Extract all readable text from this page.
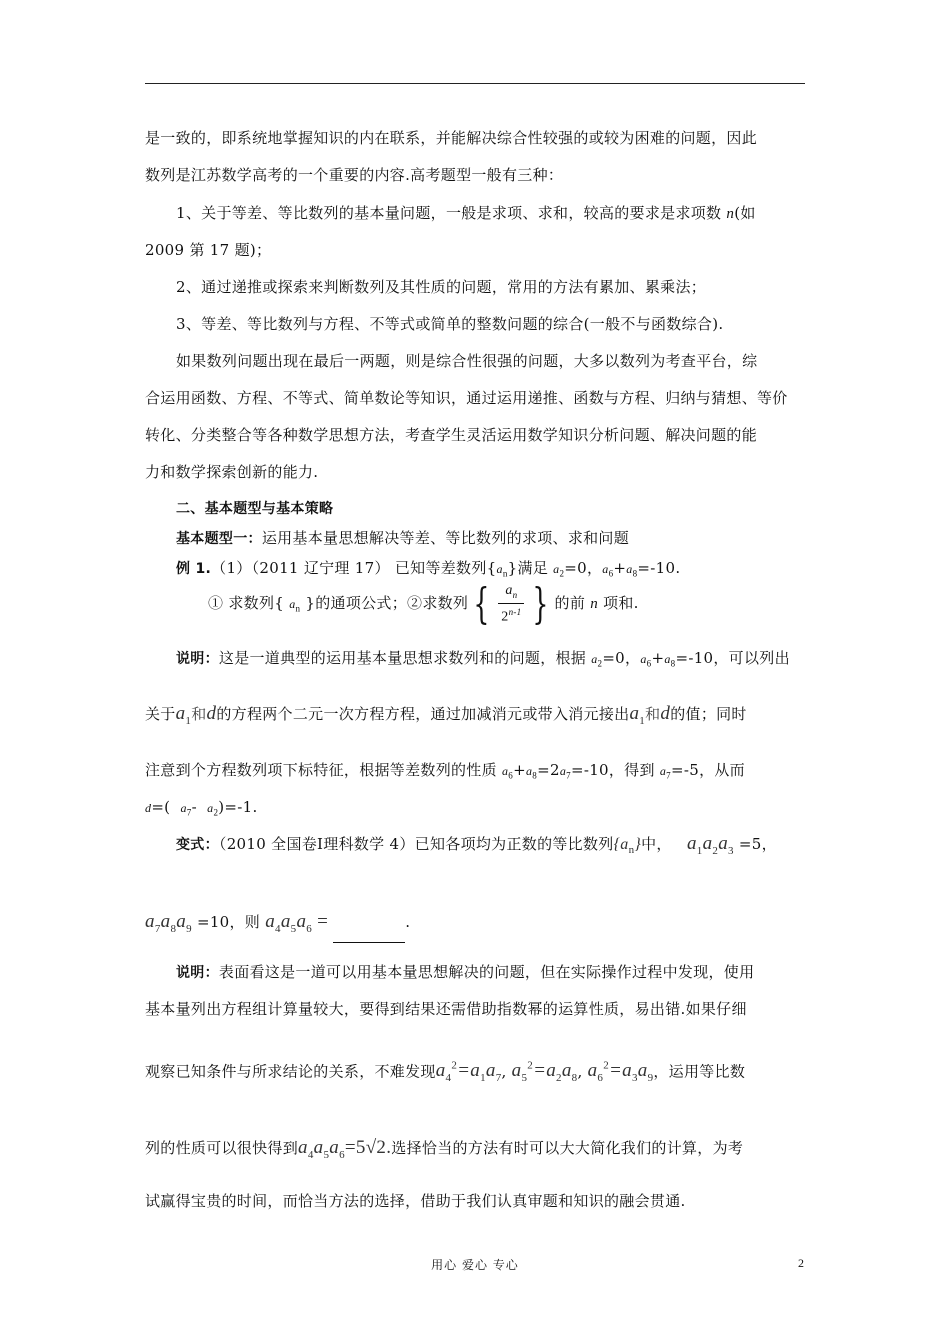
是一致的，即系统地掌握知识的内在联系，并能解决综合性较强的或较为困难的问题，因此
数列是江苏数学高考的一个重要的内容.高考题型一般有三种：
1、关于等差、等比数列的基本量问题，一般是求项、求和，较高的要求是求项数 n(如
2009 第 17 题)；
2、通过递推或探索来判断数列及其性质的问题，常用的方法有累加、累乘法；
3、等差、等比数列与方程、不等式或简单的整数问题的综合(一般不与函数综合).
如果数列问题出现在最后一两题，则是综合性很强的问题，大多以数列为考查平台，综
合运用函数、方程、不等式、简单数论等知识，通过运用递推、函数与方程、归纳与猜想、等价
转化、分类整合等各种数学思想方法，考查学生灵活运用数学知识分析问题、解决问题的能
力和数学探索创新的能力.
二、基本题型与基本策略
基本题型一：运用基本量思想解决等差、等比数列的求项、求和问题
例 1.（1）（2011 辽宁理 17） 已知等差数列$\{a_n\}$满足 $a_2=0$，$a_6+a_8=-10$.
① 求数列{ $a_n$ }的通项公式；②求数列 { $\frac{a_n}{2^{n-1}}$ } 的前 n 项和.
说明：这是一道典型的运用基本量思想求数列和的问题，根据 $a_2=0$，$a_6+a_8=-10$，可以列出
关于$a_1$和d的方程两个二元一次方程方程，通过加减消元或带入消元接出$a_1$和d的值；同时
注意到个方程数列项下标特征，根据等差数列的性质 $a_6+a_8=2a_7=-10$，得到 $a_7=-5$，从而
d=(  $a_7-$  $a_2)=-1$.
变式：（2010 全国卷Ⅰ理科数学 4）已知各项均为正数的等比数列$\{a_n\}$中， $a_1a_2a_3 =5$，
$a_7a_8a_9 =10$，则 $a_4a_5a_6$ =	.
说明：表面看这是一道可以用基本量思想解决的问题，但在实际操作过程中发现，使用
基本量列出方程组计算量较大，要得到结果还需借助指数幂的运算性质，易出错.如果仔细
观察已知条件与所求结论的关系，不难发现$a_4^2=a_1a_7$, $a_5^2=a_2a_8$, $a_6^2=a_3a_9$，运用等比数
列的性质可以很快得到$a_4a_5a_6=5√2$.选择恰当的方法有时可以大大简化我们的计算，为考
试赢得宝贵的时间，而恰当方法的选择，借助于我们认真审题和知识的融会贯通.
用心 爱心 专心	2
